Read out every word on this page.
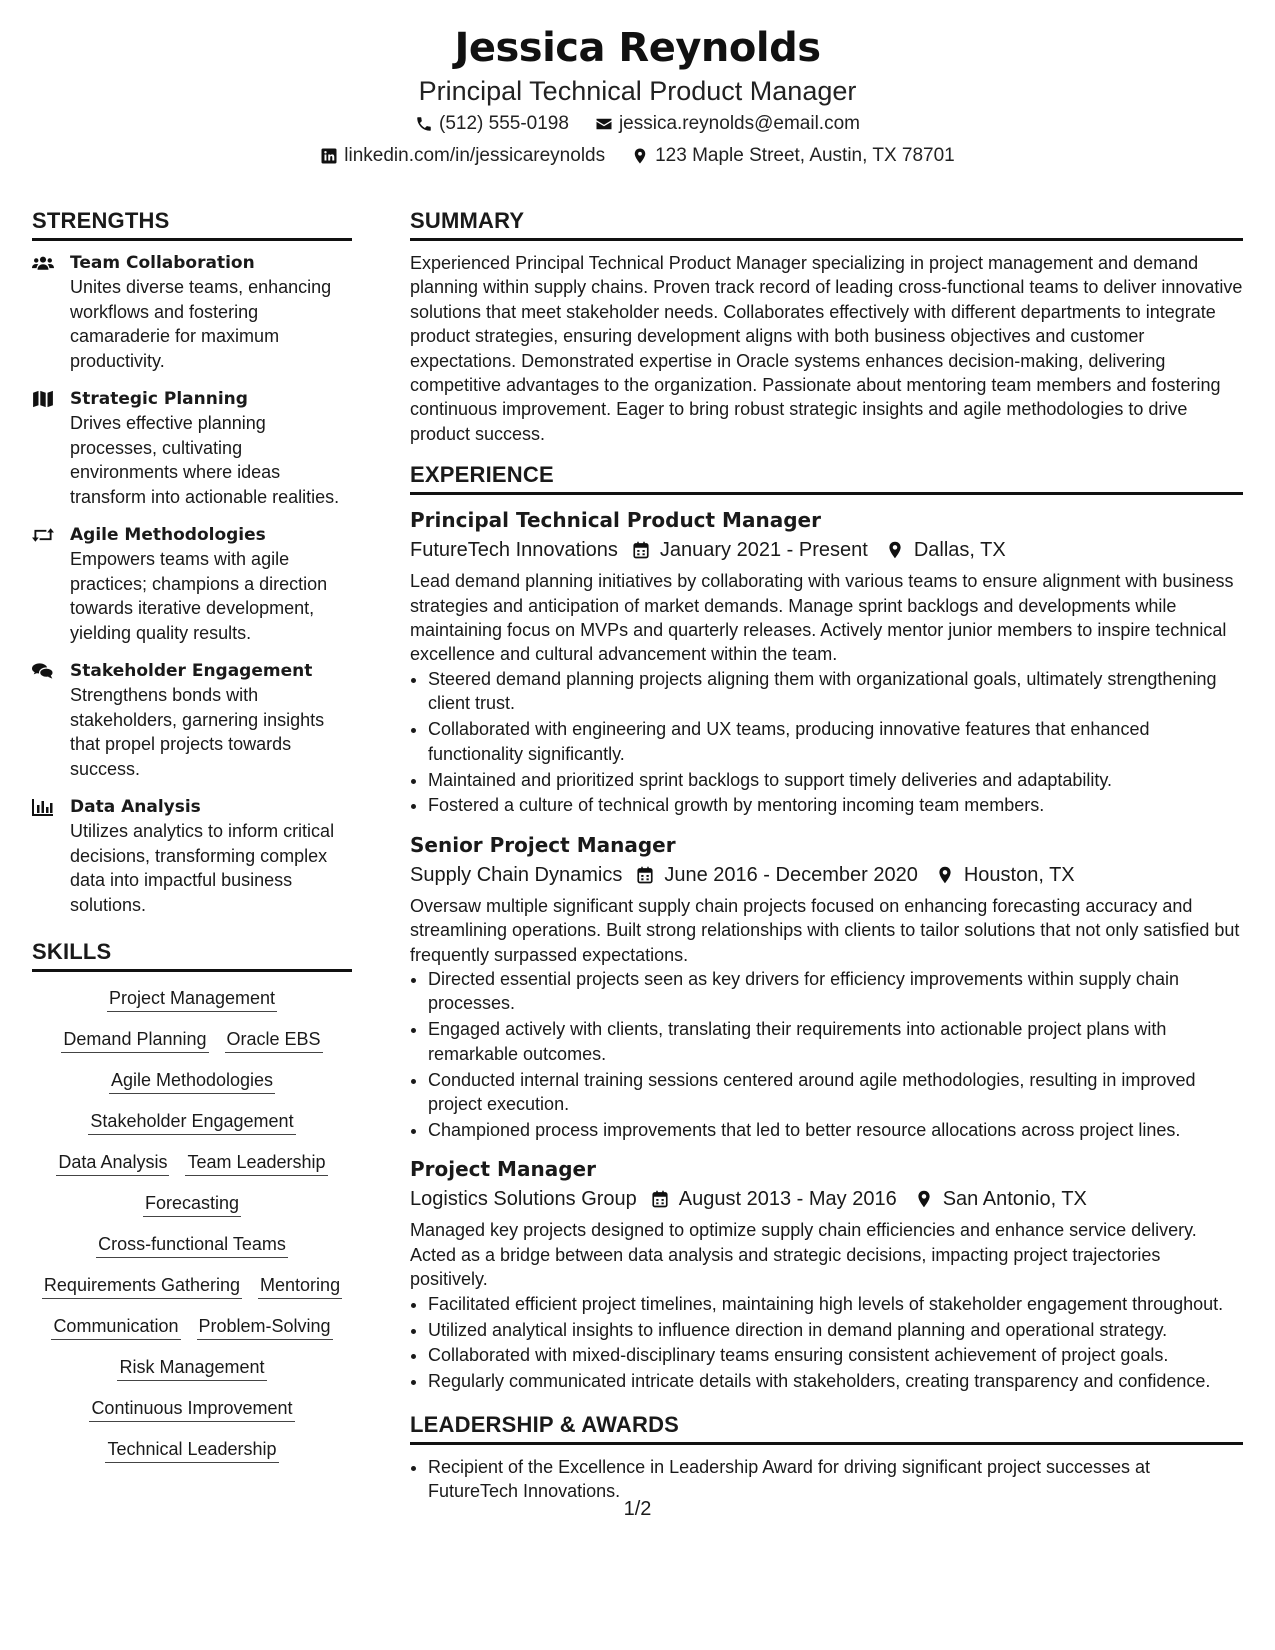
Jessica Reynolds
Principal Technical Product Manager
(512) 555-0198	jessica.reynolds@email.com
linkedin.com/in/jessicareynolds	123 Maple Street, Austin, TX 78701
STRENGTHS
Team Collaboration
Unites diverse teams, enhancing workflows and fostering camaraderie for maximum productivity.
Strategic Planning
Drives effective planning processes, cultivating environments where ideas transform into actionable realities.
Agile Methodologies
Empowers teams with agile practices; champions a direction towards iterative development, yielding quality results.
Stakeholder Engagement
Strengthens bonds with stakeholders, garnering insights that propel projects towards success.
Data Analysis
Utilizes analytics to inform critical decisions, transforming complex data into impactful business solutions.
SKILLS
Project Management
Demand Planning Oracle EBS
Agile Methodologies
Stakeholder Engagement
Data Analysis Team Leadership
Forecasting
Cross-functional Teams
Requirements Gathering Mentoring
Communication Problem-Solving
Risk Management
Continuous Improvement
Technical Leadership
SUMMARY
Experienced Principal Technical Product Manager specializing in project management and demand planning within supply chains. Proven track record of leading cross-functional teams to deliver innovative solutions that meet stakeholder needs. Collaborates effectively with different departments to integrate product strategies, ensuring development aligns with both business objectives and customer expectations. Demonstrated expertise in Oracle systems enhances decision-making, delivering competitive advantages to the organization. Passionate about mentoring team members and fostering continuous improvement. Eager to bring robust strategic insights and agile methodologies to drive product success.
EXPERIENCE
Principal Technical Product Manager
FutureTech Innovations January 2021 - Present Dallas, TX
Lead demand planning initiatives by collaborating with various teams to ensure alignment with business strategies and anticipation of market demands. Manage sprint backlogs and developments while maintaining focus on MVPs and quarterly releases. Actively mentor junior members to inspire technical excellence and cultural advancement within the team.
• Steered demand planning projects aligning them with organizational goals, ultimately strengthening client trust.
• Collaborated with engineering and UX teams, producing innovative features that enhanced functionality significantly.
• Maintained and prioritized sprint backlogs to support timely deliveries and adaptability.
• Fostered a culture of technical growth by mentoring incoming team members.
Senior Project Manager
Supply Chain Dynamics June 2016 - December 2020 Houston, TX
Oversaw multiple significant supply chain projects focused on enhancing forecasting accuracy and streamlining operations. Built strong relationships with clients to tailor solutions that not only satisfied but frequently surpassed expectations.
• Directed essential projects seen as key drivers for efficiency improvements within supply chain processes.
• Engaged actively with clients, translating their requirements into actionable project plans with remarkable outcomes.
• Conducted internal training sessions centered around agile methodologies, resulting in improved project execution.
• Championed process improvements that led to better resource allocations across project lines.
Project Manager
Logistics Solutions Group August 2013 - May 2016 San Antonio, TX
Managed key projects designed to optimize supply chain efficiencies and enhance service delivery. Acted as a bridge between data analysis and strategic decisions, impacting project trajectories positively.
• Facilitated efficient project timelines, maintaining high levels of stakeholder engagement throughout.
• Utilized analytical insights to influence direction in demand planning and operational strategy.
• Collaborated with mixed-disciplinary teams ensuring consistent achievement of project goals.
• Regularly communicated intricate details with stakeholders, creating transparency and confidence.
LEADERSHIP & AWARDS
• Recipient of the Excellence in Leadership Award for driving significant project successes at FutureTech Innovations.
1/2
